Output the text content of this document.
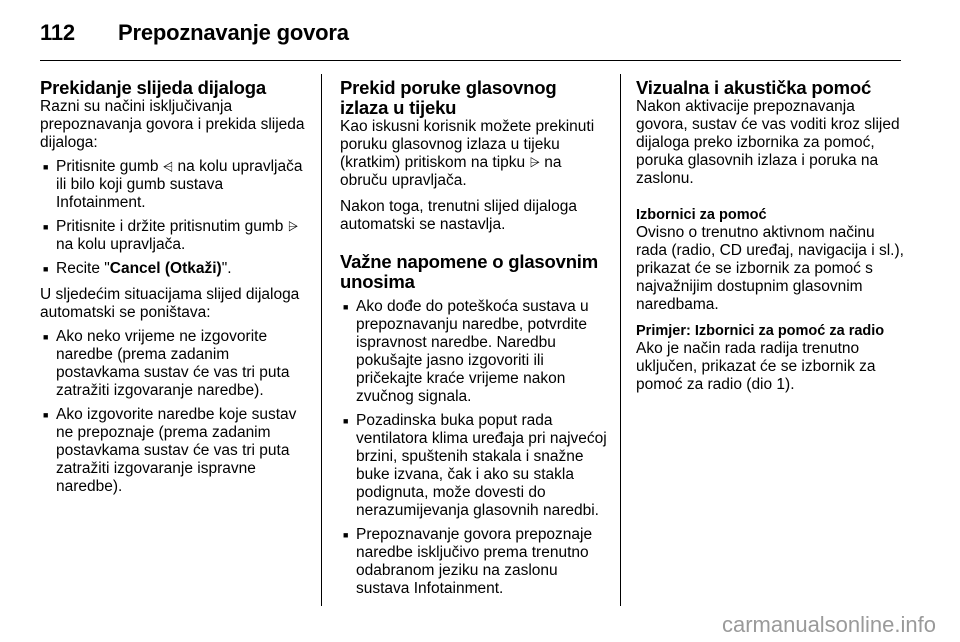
112 Prepoznavanje govora
Prekidanje slijeda dijaloga

Razni su načini isključivanja prepoznavanja govora i prekida slijeda dijaloga:

■ Pritisnite gumb ⩤ na kolu upravljača ili bilo koji gumb sustava Infotainment.
■ Pritisnite i držite pritisnutim gumb ⩥ na kolu upravljača.
■ Recite "Cancel (Otkaži)".

U sljedećim situacijama slijed dijaloga automatski se poništava:

■ Ako neko vrijeme ne izgovorite naredbe (prema zadanim postavkama sustav će vas tri puta zatražiti izgovaranje naredbe).
■ Ako izgovorite naredbe koje sustav ne prepoznaje (prema zadanim postavkama sustav će vas tri puta zatražiti izgovaranje ispravne naredbe).
Prekid poruke glasovnog izlaza u tijeku

Kao iskusni korisnik možete prekinuti poruku glasovnog izlaza u tijeku (kratkim) pritiskom na tipku ⩥ na obruču upravljača.

Nakon toga, trenutni slijed dijaloga automatski se nastavlja.

Važne napomene o glasovnim unosima
■ Ako dođe do poteškoća sustava u prepoznavanju naredbe, potvrdite ispravnost naredbe. Naredbu pokušajte jasno izgovoriti ili pričekajte kraće vrijeme nakon zvučnog signala.
■ Pozadinska buka poput rada ventilatora klima uređaja pri najvećoj brzini, spuštenih stakala i snažne buke izvana, čak i ako su stakla podignuta, može dovesti do nerazumijevanja glasovnih naredbi.
■ Prepoznavanje govora prepoznaje naredbe isključivo prema trenutno odabranom jeziku na zaslonu sustava Infotainment.
Vizualna i akustička pomoć

Nakon aktivacije prepoznavanja govora, sustav će vas voditi kroz slijed dijaloga preko izbornika za pomoć, poruka glasovnih izlaza i poruka na zaslonu.

Izbornici za pomoć

Ovisno o trenutno aktivnom načinu rada (radio, CD uređaj, navigacija i sl.), prikazat će se izbornik za pomoć s najvažnijim dostupnim glasovnim naredbama.

Primjer: Izbornici za pomoć za radio

Ako je način rada radija trenutno uključen, prikazat će se izbornik za pomoć za radio (dio 1).

carmanualsonline.info
